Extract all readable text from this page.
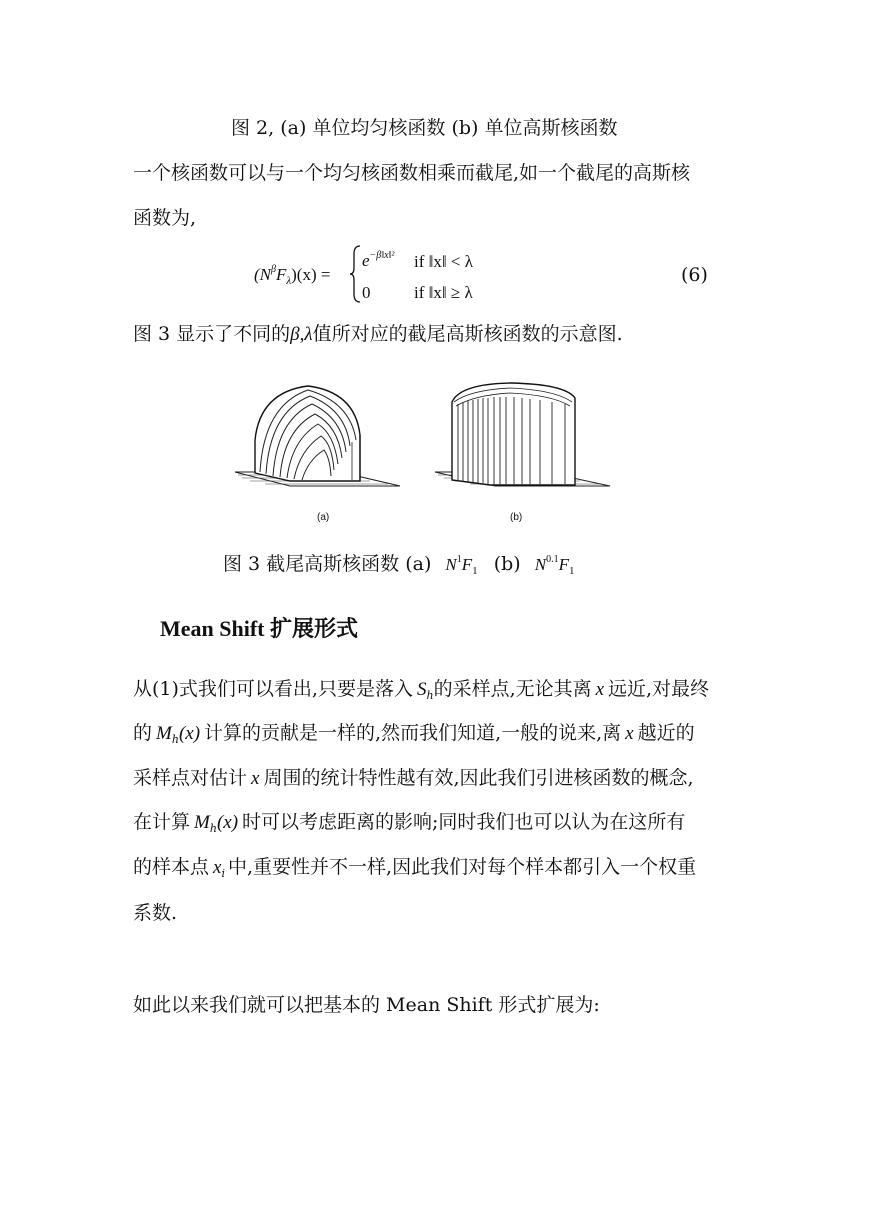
图 2, (a) 单位均匀核函数 (b) 单位高斯核函数
一个核函数可以与一个均匀核函数相乘而截尾,如一个截尾的高斯核
函数为,
$(N^\beta F_\lambda)(x)$ =
$e^{-\beta‖x‖^2}$ if ‖x‖ < λ
0	if ‖x‖ ≥ λ
(6)
图 3 显示了不同的β,λ值所对应的截尾高斯核函数的示意图.
(a)	(b)
图 3 截尾高斯核函数 (a) $N^1F_1$ (b) $N^{0.1}F_1$
Mean Shift 扩展形式
从(1)式我们可以看出,只要是落入 $S_h$的采样点,无论其离 x 远近,对最终
的 $M_h(x)$ 计算的贡献是一样的,然而我们知道,一般的说来,离 x 越近的
采样点对估计 x 周围的统计特性越有效,因此我们引进核函数的概念,
在计算 $M_h(x)$ 时可以考虑距离的影响;同时我们也可以认为在这所有
的样本点 $x_i$ 中,重要性并不一样,因此我们对每个样本都引入一个权重
系数.
如此以来我们就可以把基本的 Mean Shift 形式扩展为:
